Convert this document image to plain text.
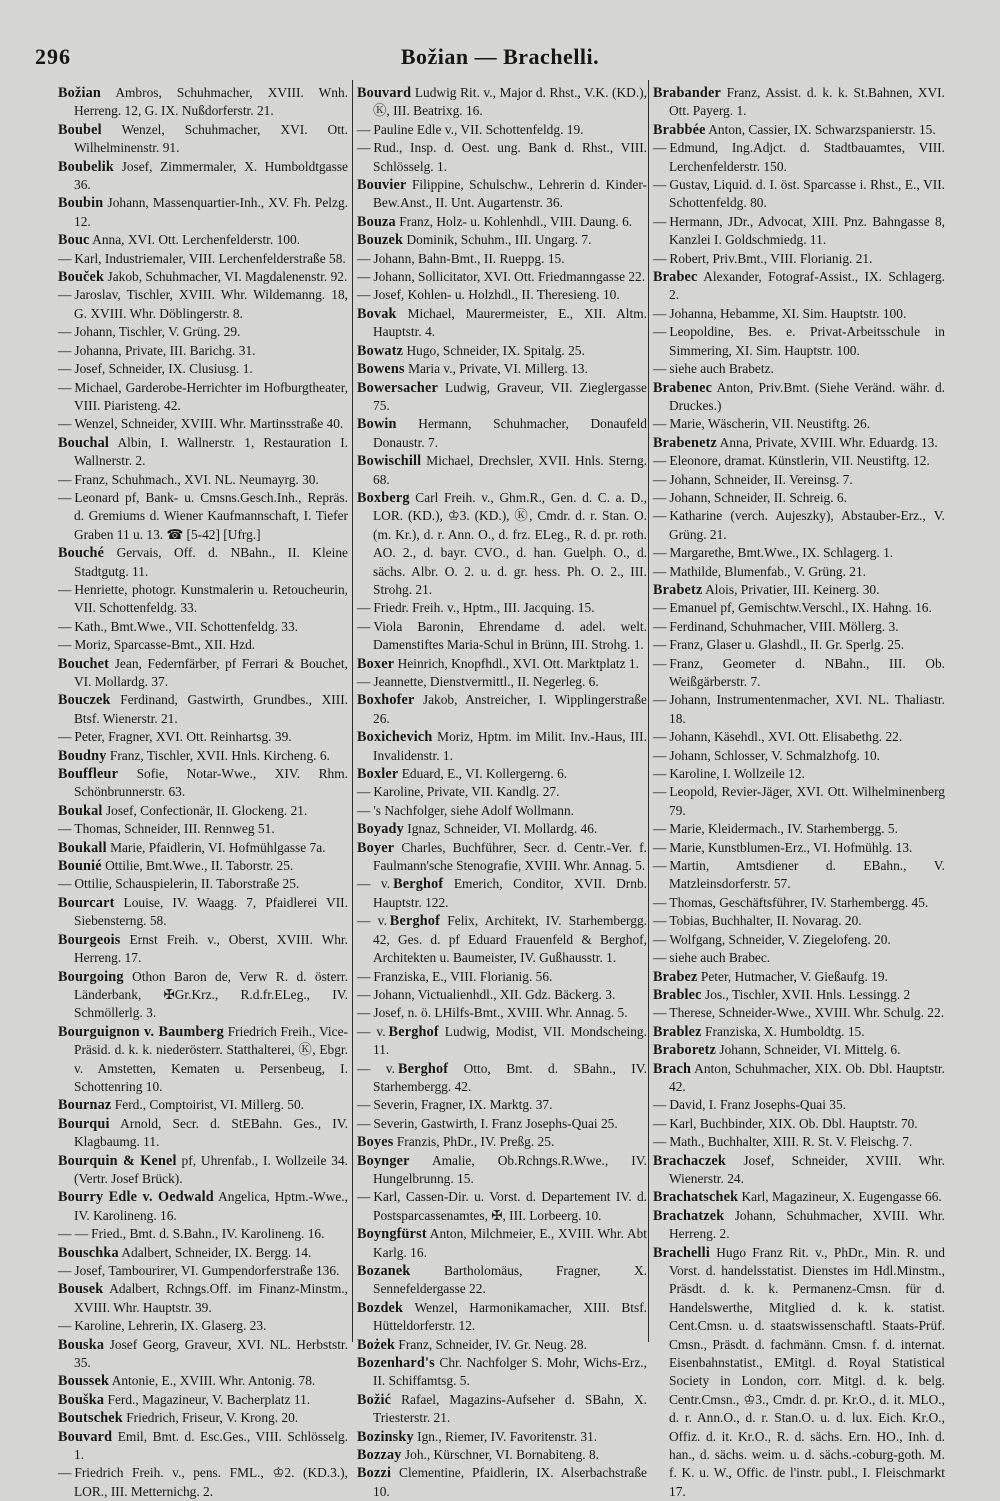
296	Božian — Brachelli.

Božian Ambros, Schuhmacher, XVIII. Wnh. Herreng. 12, G. IX. Nußdorferstr. 21.

Boubel Wenzel, Schuhmacher, XVI. Ott. Wilhelminenstr. 91.

Boubelik Josef, Zimmermaler, X. Humboldtgasse 36.

Boubin Johann, Massenquartier-Inh., XV. Fh. Pelzg. 12.

Bouc Anna, XVI. Ott. Lerchenfelderstr. 100.

— Karl, Industriemaler, VIII. Lerchenfelderstraße 58.

Bouček Jakob, Schuhmacher, VI. Magdalenenstr. 92.

— Jaroslav, Tischler, XVIII. Whr. Wildemanng. 18, G. XVIII. Whr. Döblingerstr. 8.

— Johann, Tischler, V. Grüng. 29.

— Johanna, Private, III. Barichg. 31.

— Josef, Schneider, IX. Clusiusg. 1.

— Michael, Garderobe-Herrichter im Hofburgtheater, VIII. Piaristeng. 42.

— Wenzel, Schneider, XVIII. Whr. Martinsstraße 40.

Bouchal Albin, I. Wallnerstr. 1, Restauration I. Wallnerstr. 2.

— Franz, Schuhmach., XVI. NL. Neumayrg. 30.

— Leonard pf, Bank- u. Cmsns.Gesch.Inh., Repräs. d. Gremiums d. Wiener Kaufmannschaft, I. Tiefer Graben 11 u. 13. ☎ [5-42] [Ufrg.]

Bouché Gervais, Off. d. NBahn., II. Kleine Stadtgutg. 11.

— Henriette, photogr. Kunstmalerin u. Retoucheurin, VII. Schottenfeldg. 33.

— Kath., Bmt.Wwe., VII. Schottenfeldg. 33.

— Moriz, Sparcasse-Bmt., XII. Hzd.

Bouchet Jean, Federnfärber, pf Ferrari & Bouchet, VI. Mollardg. 37.

Bouczek Ferdinand, Gastwirth, Grundbes., XIII. Btsf. Wienerstr. 21.

— Peter, Fragner, XVI. Ott. Reinhartsg. 39.

Boudny Franz, Tischler, XVII. Hnls. Kircheng. 6.

Boufflеur Sofie, Notar-Wwe., XIV. Rhm. Schönbrunnerstr. 63.

Boukal Josef, Confectionär, II. Glockeng. 21.

— Thomas, Schneider, III. Rennweg 51.

Boukall Marie, Pfaidlerin, VI. Hofmühlgasse 7a.

Bounié Ottilie, Bmt.Wwe., II. Taborstr. 25.

— Ottilie, Schauspielerin, II. Taborstraße 25.

Bourcart Louise, IV. Waagg. 7, Pfaidlerei VII. Siebensterng. 58.

Bourgeois Ernst Freih. v., Oberst, XVIII. Whr. Herreng. 17.

Bourgoing Othon Baron de, Verw R. d. österr. Länderbank, ✠Gr.Krz., R.d.fr.ELeg., IV. Schmöllerlg. 3.

Bourguignon v. Baumberg Friedrich Freih., Vice-Präsid. d. k. k. niederösterr. Statthalterei, Ⓚ, Ebgr. v. Amstetten, Kematen u. Persenbeug, I. Schottenring 10.

Bournaz Ferd., Comptoirist, VI. Millerg. 50.

Bourqui Arnold, Secr. d. StEBahn. Ges., IV. Klagbaumg. 11.

Bourquin & Kenel pf, Uhrenfab., I. Wollzeile 34. (Vertr. Josef Brück).

Bourry Edle v. Oedwald Angelica, Hptm.-Wwe., IV. Karolineng. 16.

— — Fried., Bmt. d. S.Bahn., IV. Karolineng. 16.

Bouschka Adalbert, Schneider, IX. Bergg. 14.

— Josef, Tambourirer, VI. Gumpendorferstraße 136.

Bousek Adalbert, Rchngs.Off. im Finanz-Minstm., XVIII. Whr. Hauptstr. 39.

— Karoline, Lehrerin, IX. Glaserg. 23.

Bouska Josef Georg, Graveur, XVI. NL. Herbststr. 35.

Boussek Antonie, E., XVIII. Whr. Antonig. 78.

Bouška Ferd., Magazineur, V. Bacherplatz 11.

Boutschek Friedrich, Friseur, V. Krong. 20.

Bouvard Emil, Bmt. d. Esc.Ges., VIII. Schlösselg. 1.

— Friedrich Freih. v., pens. FML., ♔2. (KD.3.), LOR., III. Metternichg. 2.

Bouvard Ludwig Rit. v., Major d. Rhst., V.K. (KD.), Ⓚ, III. Beatrixg. 16.

— Pauline Edle v., VII. Schottenfeldg. 19.

— Rud., Insp. d. Oest. ung. Bank d. Rhst., VIII. Schlösselg. 1.

Bouvier Filippine, Schulschw., Lehrerin d. Kinder-Bew.Anst., II. Unt. Augartenstr. 36.

Bouza Franz, Holz- u. Kohlenhdl., VIII. Daung. 6.

Bouzek Dominik, Schuhm., III. Ungarg. 7.

— Johann, Bahn-Bmt., II. Rueppg. 15.

— Johann, Sollicitator, XVI. Ott. Friedmanngasse 22.

— Josef, Kohlen- u. Holzhdl., II. Theresieng. 10.

Bovak Michael, Maurermeister, E., XII. Altm. Hauptstr. 4.

Bowatz Hugo, Schneider, IX. Spitalg. 25.

Bowens Maria v., Private, VI. Millerg. 13.

Bowersacher Ludwig, Graveur, VII. Zieglergasse 75.

Bowin Hermann, Schuhmacher, Donaufeld Donaustr. 7.

Bowischill Michael, Drechsler, XVII. Hnls. Sterng. 68.

Boxberg Carl Freih. v., Ghm.R., Gen. d. C. a. D., LOR. (KD.), ♔3. (KD.), Ⓚ, Cmdr. d. r. Stan. O. (m. Kr.), d. r. Ann. O., d. frz. ELeg., R. d. pr. roth. AO. 2., d. bayr. CVO., d. han. Guelph. O., d. sächs. Albr. O. 2. u. d. gr. hess. Ph. O. 2., III. Strohg. 21.

— Friedr. Freih. v., Hptm., III. Jacquing. 15.

— Viola Baronin, Ehrendame d. adel. welt. Damenstiftes Maria-Schul in Brünn, III. Strohg. 1.

Boxer Heinrich, Knopfhdl., XVI. Ott. Marktplatz 1.

— Jeannette, Dienstvermittl., II. Negerleg. 6.

Boxhofer Jakob, Anstreicher, I. Wipplingerstraße 26.

Boxichevich Moriz, Hptm. im Milit. Inv.-Haus, III. Invalidenstr. 1.

Boxler Eduard, E., VI. Kollergerng. 6.

— Karoline, Private, VII. Kandlg. 27.

— 's Nachfolger, siehe Adolf Wollmann.

Boyady Ignaz, Schneider, VI. Mollardg. 46.

Boyer Charles, Buchführer, Secr. d. Centr.-Ver. f. Faulmann'sche Stenografie, XVIII. Whr. Annag. 5.

— v. Berghof Emerich, Conditor, XVII. Drnb. Hauptstr. 122.

— v. Berghof Felix, Architekt, IV. Starhembergg. 42, Ges. d. pf Eduard Frauenfeld & Berghof, Architekten u. Baumeister, IV. Gußhausstr. 1.

— Franziska, E., VIII. Florianig. 56.

— Johann, Victualienhdl., XII. Gdz. Bäckerg. 3.

— Josef, n. ö. LHilfs-Bmt., XVIII. Whr. Annag. 5.

— v. Berghof Ludwig, Modist, VII. Mondscheing. 11.

— v. Berghof Otto, Bmt. d. SBahn., IV. Starhembergg. 42.

— Severin, Fragner, IX. Marktg. 37.

— Severin, Gastwirth, I. Franz Josephs-Quai 25.

Boyes Franzis, PhDr., IV. Preßg. 25.

Boynger Amalie, Ob.Rchngs.R.Wwe., IV. Hungelbrunng. 15.

— Karl, Cassen-Dir. u. Vorst. d. Departement IV. d. Postsparcassenamtes, ✠, III. Lorbeerg. 10.

Boyngfürst Anton, Milchmeier, E., XVIII. Whr. Abt Karlg. 16.

Bozanek	Bartholomäus, Fragner, X. Sennefeldergasse 22.

Bozdek Wenzel, Harmonikamacher, XIII. Btsf. Hütteldorferstr. 12.

Bożek Franz, Schneider, IV. Gr. Neug. 28.

Bozenhard's Chr. Nachfolger S. Mohr, Wichs-Erz., II. Schiffamtsg. 5.

Božić Rafael, Magazins-Aufseher d. SBahn, X. Triesterstr. 21.

Bozinsky Ign., Riemer, IV. Favoritenstr. 31.

Bozzay Joh., Kürschner, VI. Bornabiteng. 8.

Bozzi Clementine, Pfaidlerin, IX. Alserbachstraße 10.

Brabander Franz, Assist. d. k. k. St.Bahnen, XVI. Ott. Payerg. 1.

Brabbée Anton, Cassier, IX. Schwarzspanierstr. 15.

— Edmund, Ing.Adjct. d. Stadtbauamtes, VIII. Lerchenfelderstr. 150.

— Gustav, Liquid. d. I. öst. Sparcasse i. Rhst., E., VII. Schottenfeldg. 80.

— Hermann, JDr., Advocat, XIII. Pnz. Bahngasse 8, Kanzlei I. Goldschmiedg. 11.

— Robert, Priv.Bmt., VIII. Florianig. 21.

Brabec Alexander, Fotograf-Assist., IX. Schlagerg. 2.

— Johanna, Hebamme, XI. Sim. Hauptstr. 100.

— Leopoldine, Bes. e. Privat-Arbeitsschule in Simmering, XI. Sim. Hauptstr. 100.

— siehe auch Brabetz.

Brabenec Anton, Priv.Bmt. (Siehe Veränd. währ. d. Druckes.)

— Marie, Wäscherin, VII. Neustiftg. 26.

Brabenetz Anna, Private, XVIII. Whr. Eduardg. 13.

— Eleonore, dramat. Künstlerin, VII. Neustiftg. 12.

— Johann, Schneider, II. Vereinsg. 7.

— Johann, Schneider, II. Schreig. 6.

— Katharine (verch. Aujeszky), Abstauber-Erz., V. Grüng. 21.

— Margarethe, Bmt.Wwe., IX. Schlagerg. 1.

— Mathilde, Blumenfab., V. Grüng. 21.

Brabetz Alois, Privatier, III. Keinerg. 30.

— Emanuel pf, Gemischtw.Verschl., IX. Hahng. 16.

— Ferdinand, Schuhmacher, VIII. Möllerg. 3.

— Franz, Glaser u. Glashdl., II. Gr. Sperlg. 25.

— Franz, Geometer d. NBahn., III. Ob. Weißgärberstr. 7.

— Johann, Instrumentenmacher, XVI. NL. Thaliastr. 18.

— Johann, Käsehdl., XVI. Ott. Elisabethg. 22.

— Johann, Schlosser, V. Schmalzhofg. 10.

— Karoline, I. Wollzeile 12.

— Leopold, Revier-Jäger, XVI. Ott. Wilhelminenberg 79.

— Marie, Kleidermach., IV. Starhembergg. 5.

— Marie, Kunstblumen-Erz., VI. Hofmühlg. 13.

— Martin, Amtsdiener d. EBahn., V. Matzleinsdorferstr. 57.

— Thomas, Geschäftsführer, IV. Starhembergg. 45.

— Tobias, Buchhalter, II. Novarag. 20.

— Wolfgang, Schneider, V. Ziegelofeng. 20.

— siehe auch Brabec.

Brabez Peter, Hutmacher, V. Gießaufg. 19.

Brablec Jos., Tischler, XVII. Hnls. Lessingg. 2

— Therese, Schneider-Wwe., XVIII. Whr. Schulg. 22.

Brablez Franziska, X. Humboldtg. 15.

Braboretz Johann, Schneider, VI. Mittelg. 6.

Brach Anton, Schuhmacher, XIX. Ob. Dbl. Hauptstr. 42.

— David, I. Franz Josephs-Quai 35.

— Karl, Buchbinder, XIX. Ob. Dbl. Hauptstr. 70.

— Math., Buchhalter, XIII. R. St. V. Fleischg. 7.

Brachaczek Josef, Schneider, XVIII. Whr. Wienerstr. 24.

Brachatschek Karl, Magazineur, X. Eugengasse 66.

Brachatzek Johann, Schuhmacher, XVIII. Whr. Herreng. 2.

Brachelli Hugo Franz Rit. v., PhDr., Min. R. und Vorst. d. handelsstatist. Dienstes im Hdl.Minstm., Präsdt. d. k. k. Permanenz-Cmsn. für d. Handelswerthe, Mitglied d. k. k. statist. Cent.Cmsn. u. d. staatswissenschaftl. Staats-Prüf. Cmsn., Präsdt. d. fachmänn. Cmsn. f. d. internat. Eisenbahnstatist., EMitgl. d. Royal Statistical Society in London, corr. Mitgl. d. k. belg. Centr.Cmsn., ♔3., Cmdr. d. pr. Kr.O., d. it. MLO., d. r. Ann.O., d. r. Stan.O. u. d. lux. Eich. Kr.O., Offiz. d. it. Kr.O., R. d. sächs. Ern. HO., Inh. d. han., d. sächs. weim. u. d. sächs.-coburg-goth. M. f. K. u. W., Offic. de l'instr. publ., I. Fleischmarkt 17.
